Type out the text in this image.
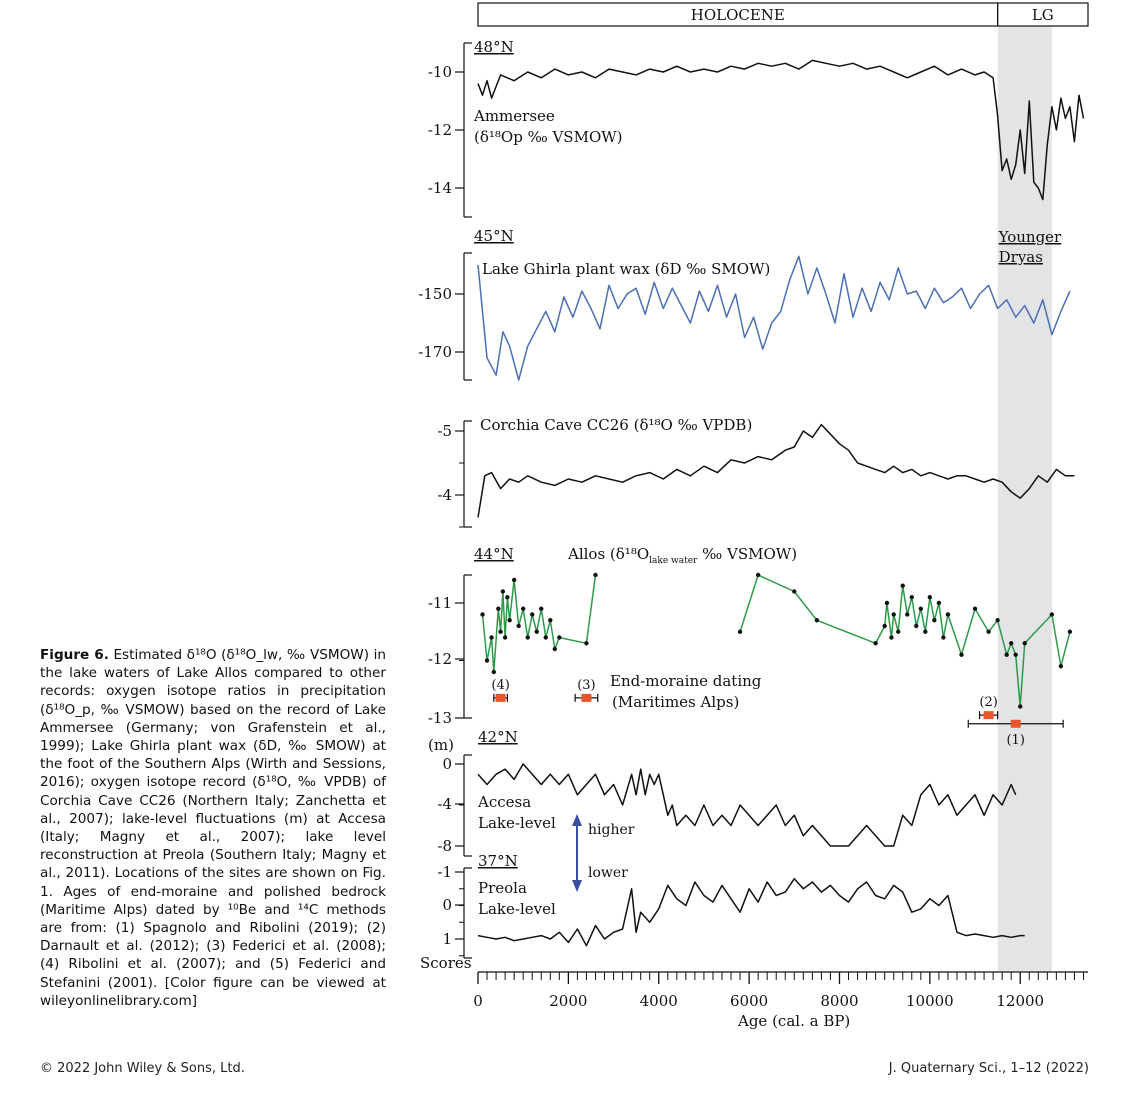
Younger
Dryas
HOLOCENE	LG
-10
-12
-14
-150
-170
-5
-4
-11
-12
-13
(4)	(3)
(2)
(1)
0
-4
-8
-1
0
1
48°N
Ammersee
(δ¹⁸Op ‰ VSMOW)
45°N
Lake Ghirla plant wax (δD ‰ SMOW)
Corchia Cave CC26 (δ¹⁸O ‰ VPDB)
44°N	Allos ($\delta^{18}O_{lake water}$ ‰ VSMOW)
End-moraine dating
(Maritimes Alps)
(m) 42°N
Accesa
Lake-level
37°N
Preola
Lake-level
Scores
higher
lower
0	2000	4000	6000	8000	10000	12000
Age (cal. a BP)
Figure 6. Estimated δ¹⁸O (δ¹⁸O_lw, ‰ VSMOW) in the lake waters of Lake Allos compared to other records: oxygen isotope ratios in precipitation (δ¹⁸O_p, ‰ VSMOW) based on the record of Lake Ammersee (Germany; von Grafenstein et al., 1999); Lake Ghirla plant wax (δD, ‰ SMOW) at the foot of the Southern Alps (Wirth and Sessions, 2016); oxygen isotope record (δ¹⁸O, ‰ VPDB) of Corchia Cave CC26 (Northern Italy; Zanchetta et al., 2007); lake-level fluctuations (m) at Accesa (Italy; Magny et al., 2007); lake level reconstruction at Preola (Southern Italy; Magny et al., 2011). Locations of the sites are shown on Fig. 1. Ages of end-moraine and polished bedrock (Maritime Alps) dated by ¹⁰Be and ¹⁴C methods are from: (1) Spagnolo and Ribolini (2019); (2) Darnault et al. (2012); (3) Federici et al. (2008); (4) Ribolini et al. (2007); and (5) Federici and Stefanini (2001). [Color figure can be viewed at wileyonlinelibrary.com]
© 2022 John Wiley & Sons, Ltd.	J. Quaternary Sci., 1–12 (2022)
